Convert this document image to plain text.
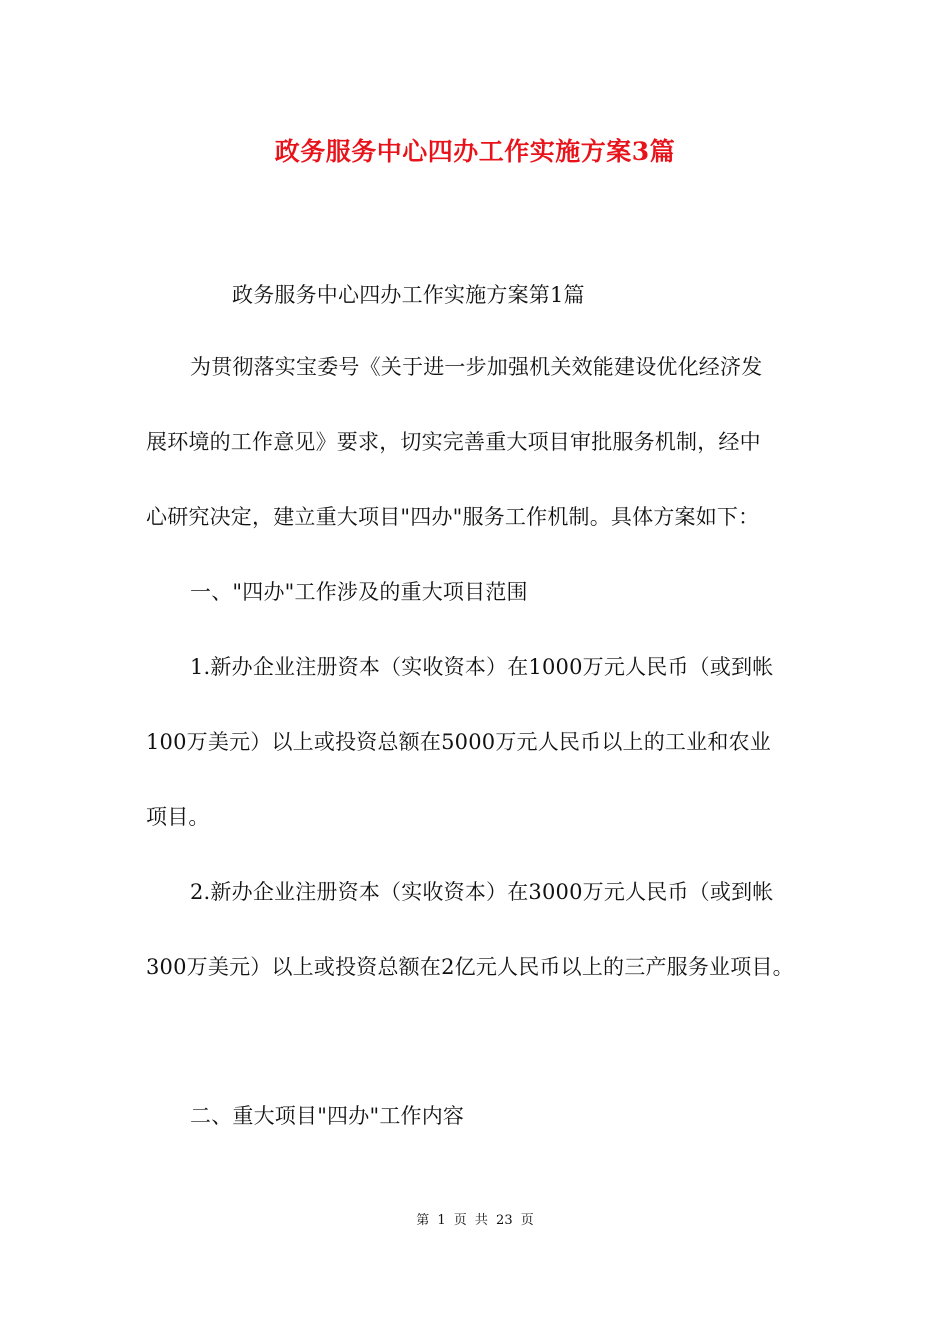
政务服务中心四办工作实施方案3篇
政务服务中心四办工作实施方案第1篇
为贯彻落实宝委号《关于进一步加强机关效能建设优化经济发
展环境的工作意见》要求，切实完善重大项目审批服务机制，经中
心研究决定，建立重大项目"四办"服务工作机制。具体方案如下：
一、"四办"工作涉及的重大项目范围
1.新办企业注册资本（实收资本）在1000万元人民币（或到帐
100万美元）以上或投资总额在5000万元人民币以上的工业和农业
项目。
2.新办企业注册资本（实收资本）在3000万元人民币（或到帐
300万美元）以上或投资总额在2亿元人民币以上的三产服务业项目。
二、重大项目"四办"工作内容
第 1 页 共 23 页
